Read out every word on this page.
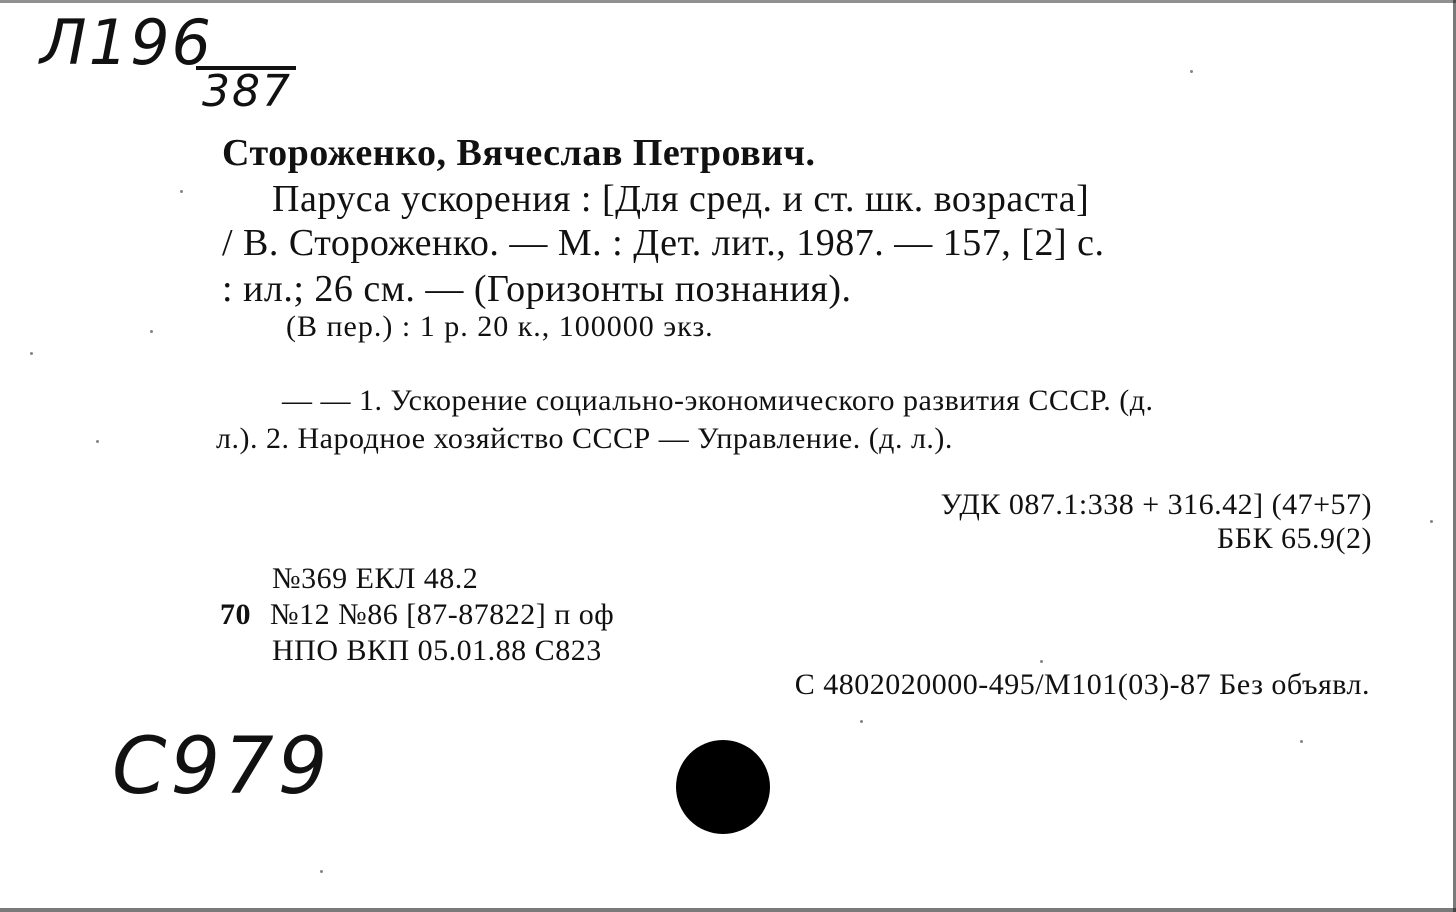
Л196
387
Стороженко, Вячеслав Петрович.
Паруса ускорения : [Для сред. и ст. шк. возраста]
/ В. Стороженко. — М. : Дет. лит., 1987. — 157, [2] с.
: ил.; 26 см. — (Горизонты познания).
(В пер.) : 1 р. 20 к., 100000 экз.
— — 1. Ускорение социально-экономического развития СССР. (д.
л.). 2. Народное хозяйство СССР — Управление. (д. л.).
УДК 087.1:338 + 316.42] (47+57)
ББК 65.9(2)
№369 ЕКЛ 48.2
70 №12 №86 [87-87822] п оф
НПО ВКП 05.01.88 С823
С 4802020000-495/М101(03)-87 Без объявл.
С979
